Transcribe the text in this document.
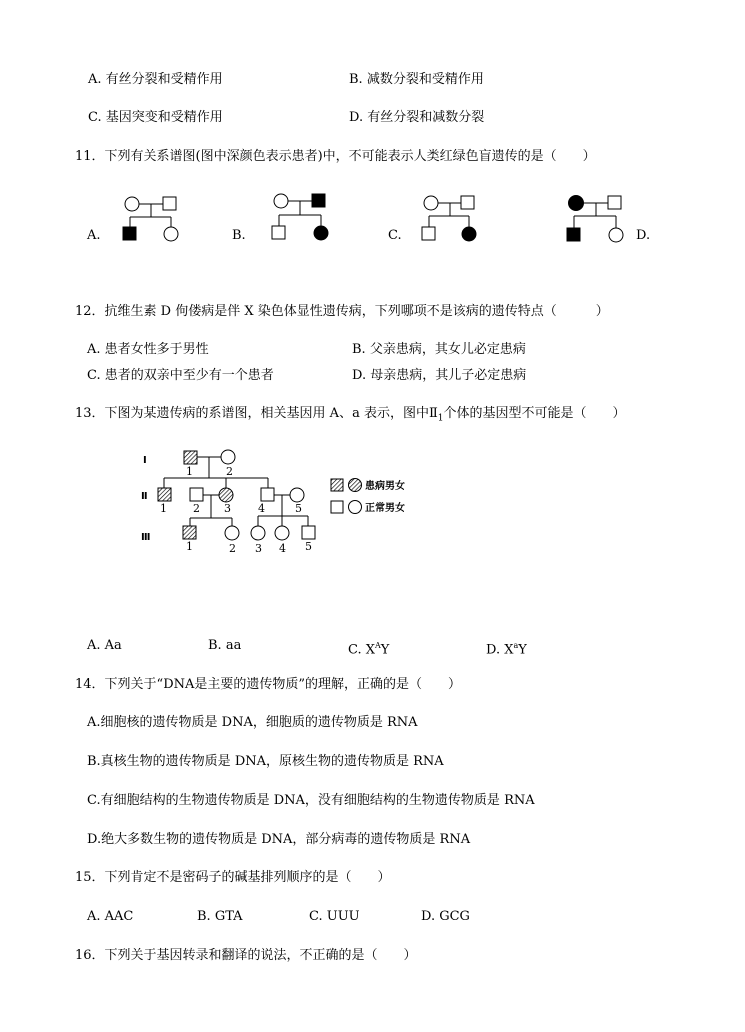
A. 有丝分裂和受精作用	B. 减数分裂和受精作用
C. 基因突变和受精作用	D. 有丝分裂和减数分裂
11．下列有关系谱图(图中深颜色表示患者)中，不可能表示人类红绿色盲遗传的是（　　）
A.	B.	C.	D.
12．抗维生素 D 佝偻病是伴 X 染色体显性遗传病，下列哪项不是该病的遗传特点（　　　）
A. 患者女性多于男性	B. 父亲患病，其女儿必定患病
C. 患者的双亲中至少有一个患者	D. 母亲患病，其儿子必定患病
13．下图为某遗传病的系谱图，相关基因用 A、a 表示，图中$Ⅱ_1$个体的基因型不可能是（　　）
Ⅰ
Ⅱ
Ⅲ
1	2
1 2 3 4	5
1	2 3 4 5
患病男女
正常男女
A. Aa	B. aa	C. $X^AY$	D. $X^aY$
14．下列关于“DNA是主要的遗传物质”的理解，正确的是（　　）
A.细胞核的遗传物质是 DNA，细胞质的遗传物质是 RNA
B.真核生物的遗传物质是 DNA，原核生物的遗传物质是 RNA
C.有细胞结构的生物遗传物质是 DNA，没有细胞结构的生物遗传物质是 RNA
D.绝大多数生物的遗传物质是 DNA，部分病毒的遗传物质是 RNA
15．下列肯定不是密码子的碱基排列顺序的是（　　）
A. AAC	B. GTA	C. UUU	D. GCG
16．下列关于基因转录和翻译的说法，不正确的是（　　）
